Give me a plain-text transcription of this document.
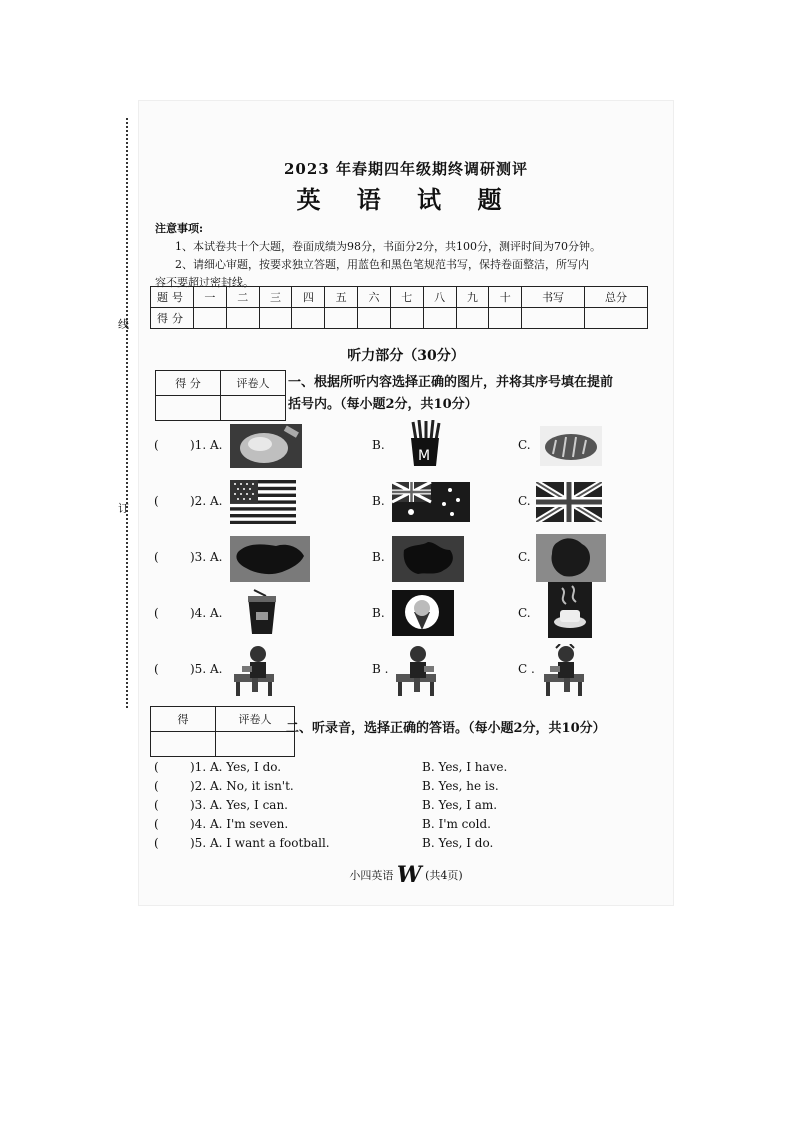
线
订
2023 年春期四年级期终调研测评
英 语 试 题
注意事项:

1、本试卷共十个大题，卷面成绩为98分，书面分2分，共100分，测评时间为70分钟。

2、请细心审题，按要求独立答题，用蓝色和黑色笔规范书写，保持卷面整洁，所写内

容不要超过密封线。

题号	一	二	三	四	五	六	七	八	九	十	书写	总分
得分												
听力部分（30分）
得 分	评卷人
	一、根据所听内容选择正确的图片，并将其序号填在提前
括号内。（每小题2分，共10分）
(	)1. A.	B.	C.
M
(	)2. A.	B.	C.
(	)3. A.	B.	C.
(	)4. A.	B.	C.
(	)5. A.	B .	C .
得	评卷人

二、听录音，选择正确的答语。（每小题2分，共10分）
(	)1. A. Yes, I do.	B. Yes, I have.
(	)2. A. No, it isn't.	B. Yes, he is.
(	)3. A. Yes, I can.	B. Yes, I am.
(	)4. A. I'm seven.	B. I'm cold.
(	)5. A. I want a football.	B. Yes, I do.
小四英语 W (共4页)
